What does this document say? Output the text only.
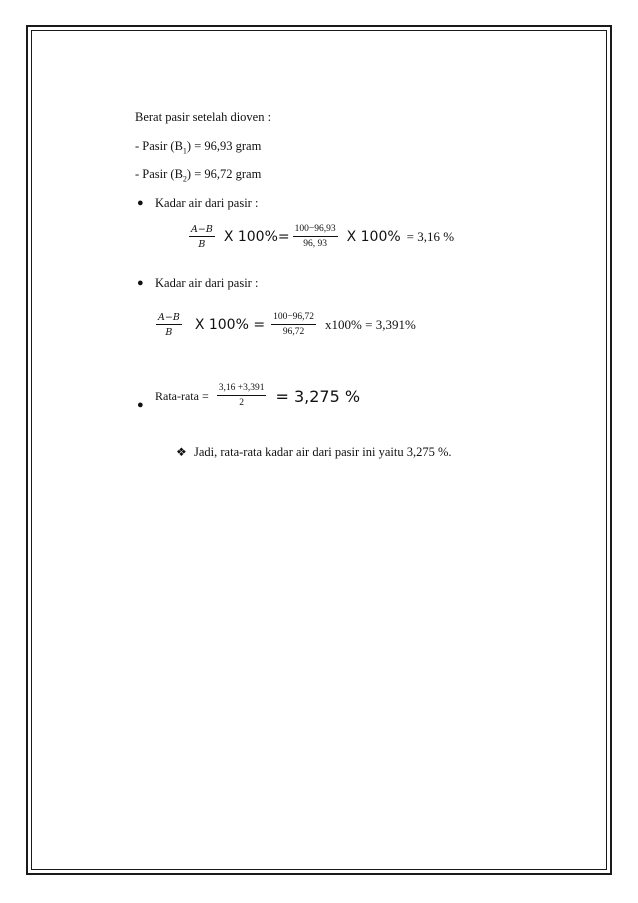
Berat pasir setelah dioven :
- Pasir $(B_1) = 96,93$ gram
- Pasir $(B_2) = 96,72$ gram
● Kadar air dari pasir :
$\frac{A-B}{B}$ X $100\%= \frac{100-96,93}{96, 93}$ X 100% = 3,16 %
● Kadar air dari pasir :
$\frac{A-B}{B}$ X $100\% = \frac{100-96,72}{96,72} x100\% = 3,391\%$
●
Rata-rata = $\frac{3,16 +3,391}{2} = 3,275$ %
❖ Jadi, rata-rata kadar air dari pasir ini yaitu 3,275 %.
